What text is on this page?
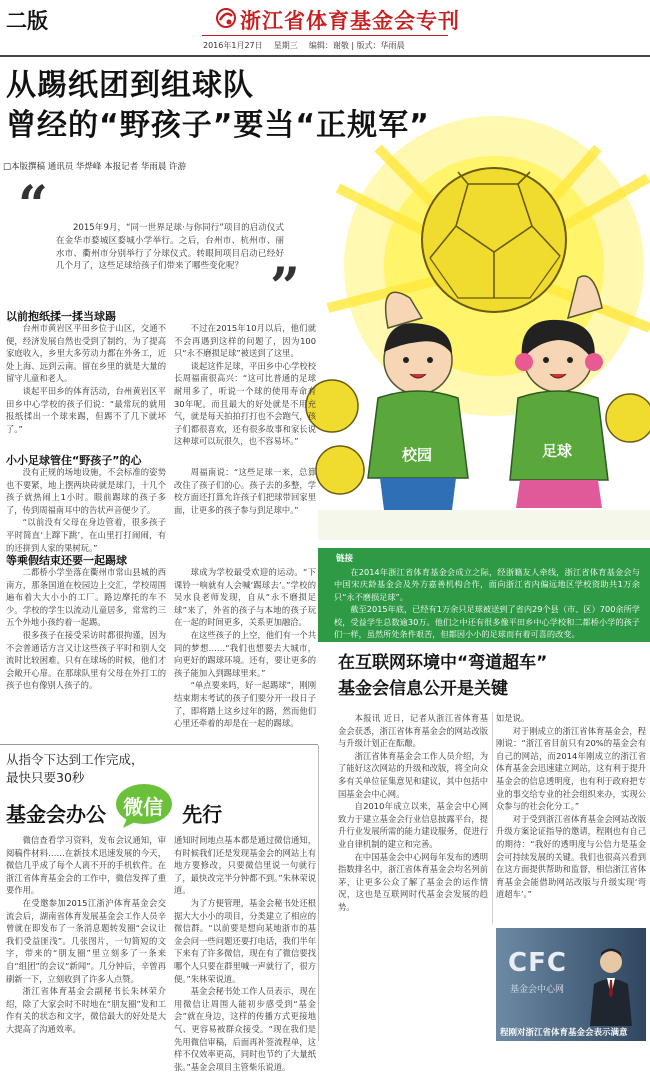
二版	浙江省体育基金会专刊
2016年1月27日 星期三 编辑：谢敬 | 版式：华雨晨
从踢纸团到组球队
曾经的“野孩子”要当“正规军”
□本版撰稿 通讯员 华烨峰 本报记者 华雨晨 许游
“	2015年9月，“同一世界足球·与你同行”项目的启动仪式在金华市婺城区婺城小学举行。之后，台州市、杭州市、丽水市、衢州市分别举行了分球仪式。转眼间项目启动已经好几个月了，这些足球给孩子们带来了哪些变化呢？ ”
校园	足球
以前抱纸揉一揉当球踢

台州市黄岩区平田乡位于山区，交通不便，经济发展自然也受到了制约，为了提高家庭收入，乡里大多劳动力都在外务工，近处上海、远到云南。留在乡里的就是大量的留守儿童和老人。

谈起平田乡的体育活动，台州黄岩区平田乡中心学校的孩子们说：“最常玩的就用报纸揉出一个球来踢，但踢不了几下就坏了。”

不过在2015年10月以后，他们就不会再遇到这样的问题了，因为100只“永不磨损足球”被送到了这里。

谈起这件足球，平田乡中心学校校长周福南很高兴：“这可比普通的足球耐用多了，听说一个球的使用寿命有30年呢。而且最大的好处就是不用充气，就是每天拍拍打打也不会跑气，孩子们都很喜欢，还有很多故事和家长说这种球可以玩很久，也不容易坏。”

小小足球管住“野孩子”的心

没有正规的场地设施，不会标准的姿势也不要紧，地上摆两块砖就是球门，十几个孩子就热闹上1小时。眼前踢球的孩子多了，传到周福南耳中的告状声音便少了。

“以前没有父母在身边管着，很多孩子平时简直‘上蹿下跳’，在山里打打闹闹，有的还拼到人家的果树玩。”

周福南说：“这些足球一来，总算改住了孩子们的心。孩子去的多整，学校方面还打算允许孩子们把球带回家里面，让更多的孩子参与到足球中。”

等乘假结束还要一起踢球

二都桥小学坐落在衢州市常山县城的西南方，那条国道在校园边上交汇，学校周围遍布着大大小小的工厂。路边摩托的车不少。学校的学生以流动儿童居多，常常约三五个外地小孩约着一起踢。

很多孩子在接受采访时都很拘谨，因为不会普通话方言又让这些孩子平时和别人交流时比较困难。只有在球场的时候，他们才会敞开心扉。在那球队里有父母在外打工的孩子也有像别人孩子的。

球成为学校最受欢迎的运动。“下课铃一响就有人会喊‘踢球去’。”学校的吴水良老师发现，自从“永不磨损足球”来了，外省的孩子与本地的孩子玩在一起的时间更多，关系更加融洽。

在这些孩子的上空，他们有一个共同的梦想……“我们也想要去大城市，向更好的踢球环境。还有，要让更多的孩子能加入到踢球里来。”

“单点要来吗，好一起踢球”，刚刚结束期末考试的孩子们要分开一段日子了，即将踏上这乡过年的路，然而他们心里还牵着的却是在一起的踢球。

链接

在2014年浙江省体育基金会成立之际，经浙籍友人牵线，浙江省体育基金会与中国宋庆龄基金会及外方嘉善机构合作，面向浙江省内偏远地区学校资助共1万余只“永不磨损足球”。

截至2015年底，已经有1万余只足球被送到了省内29个县（市、区）700余所学校，受益学生总数逾30万。他们之中还有很多像平田乡中心学校和二都桥小学的孩子们一样，虽然所处条件艰苦，但都因小小的足球而有着可喜的改变。

在互联网环境中“弯道超车”
基金会信息公开是关键

本报讯 近日，记者从浙江省体育基金会获悉，浙江省体育基金会的网站改版与升级计划正在酝酿。

浙江省体育基金会工作人员介绍，为了能好这次网站的升级和改版，将全向众多有关单位征集意见和建议，其中包括中国基金会中心网。

自2010年成立以来，基金会中心网致力于建立基金会行业信息披露平台，提升行业发展所需的能力建设服务，促进行业自律机制的建立和完善。

在中国基金会中心网每年发布的透明指数排名中，浙江省体育基金会均名列前茅，让更多公众了解了基金会的运作情况，这也是互联网时代基金会发展的趋势。

如是说。

对于刚成立的浙江省体育基金会，程刚说：“浙江省目前只有20%的基金会有自己的网站，而2014年刚成立的浙江省体育基金会迅速建立网站，这有利于提升基金会的信息透明度，也有利于政府把专业的事交给专业的社会组织来办，实现公众参与的社会化分工。”

对于受到浙江省体育基金会网站改版升级方案论证指导的邀请，程刚也有自己的期待：“我好的透明度与公信力是基金会可持续发展的关键。我们也很高兴看到在这方面提供帮助和监督，相信浙江省体育基金会能借助网站改版与升级实现‘弯道超车’。”

CFC
基金会中心网
程刚对浙江省体育基金会表示满意
从指令下达到工作完成，
最快只要30秒
基金会办公 微信 先行

微信查看学习资料，发布会议通知，审阅稿件材料……在新技术迅速发展的今天，微信几乎成了每个人离不开的手机软件。在浙江省体育基金会的工作中，微信发挥了重要作用。

在受邀参加2015江浙沪体育基金会交流会后，湖南省体育发展基金会工作人员辛曾就在即发布了一条消息题转发圈“会议让我们受益匪浅”。几张图片，一句简短的文字，带来的“朋友圈”里立刻多了一条来自“组团”的会议“新闻”。几分钟后，辛曾再刷新一下，立刻收到了许多人点赞。

浙江省体育基金会副秘书长朱林荣介绍，除了大家会时不时地在“朋友圈”发和工作有关的状态和文字，微信最大的好处是大大提高了沟通效率。

通知时间地点基本都是通过微信通知，有时候我们还是发现基金会的网站上有地方要修改，只要微信里说一句就行了，最快改完半分钟都不到。”朱林荣说道。

为了方便管理，基金会秘书处还根据大大小小的项目，分类建立了相应的微信群。“以前要是想向某地浙市的基金会问一些问题还要打电话，我们半年下来有了许多微信，现在有了微信要找哪个人只要在群里喊一声就行了，很方便。”朱林荣说道。

基金会秘书处工作人员表示，现在用微信让周围人能初步感受到“基金会”就在身边，这样的传播方式更接地气、更容易被群众接受。“现在我们是先用微信审稿，后面再补签流程单，这样不仅效率更高，同时也节约了大量纸张。”基金会项目主管柴乐说道。
